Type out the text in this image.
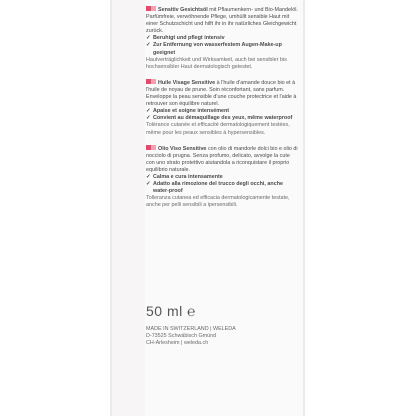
Sensitiv Gesichtsöl mit Pflaumenkern- und Bio-Mandelöl. Parfümfreie, verwöhnende Pflege, umhüllt sensible Haut mit einer Schutzschicht und hilft ihr in ihr natürliches Gleichgewicht zurück.
✓ Beruhigt und pflegt intensiv
✓ Zur Entfernung von wasserfestem Augen-Make-up geeignet
Hautverträglichkeit und Wirksamkeit, auch bei sensibler bis hochsensibler Haut dermatologisch getestet.
Huile Visage Sensitive à l'huile d'amande douce bio et à l'huile de noyau de prune. Soin réconfortant, sans parfum. Enveloppe la peau sensible d'une couche protectrice et l'aide à retrouver son équilibre naturel.
✓ Apaise et soigne intensément
✓ Convient au démaquillage des yeux, même waterproof
Tolérance cutanée et efficacité dermatologiquement testées, même pour les peaux sensibles à hypersensibles.
Olio Viso Sensitive con olio di mandorle dolci bio e olio di nocciolo di prugna. Senza profumo, delicato, avvolge la cute con uno strato protettivo aiutandola a riconquistare il proprio equilibrio naturale.
✓ Calma e cura intensamente
✓ Adatto alla rimozione del trucco degli occhi, anche water-proof
Tolleranza cutanea ed efficacia dermatologicamente testate, anche per pelli sensibili a ipersensibili.
50 ml ℮
MADE IN SWITZERLAND | WELEDA
D-73525 Schwäbisch Gmünd
CH-Arlesheim | weleda.ch
